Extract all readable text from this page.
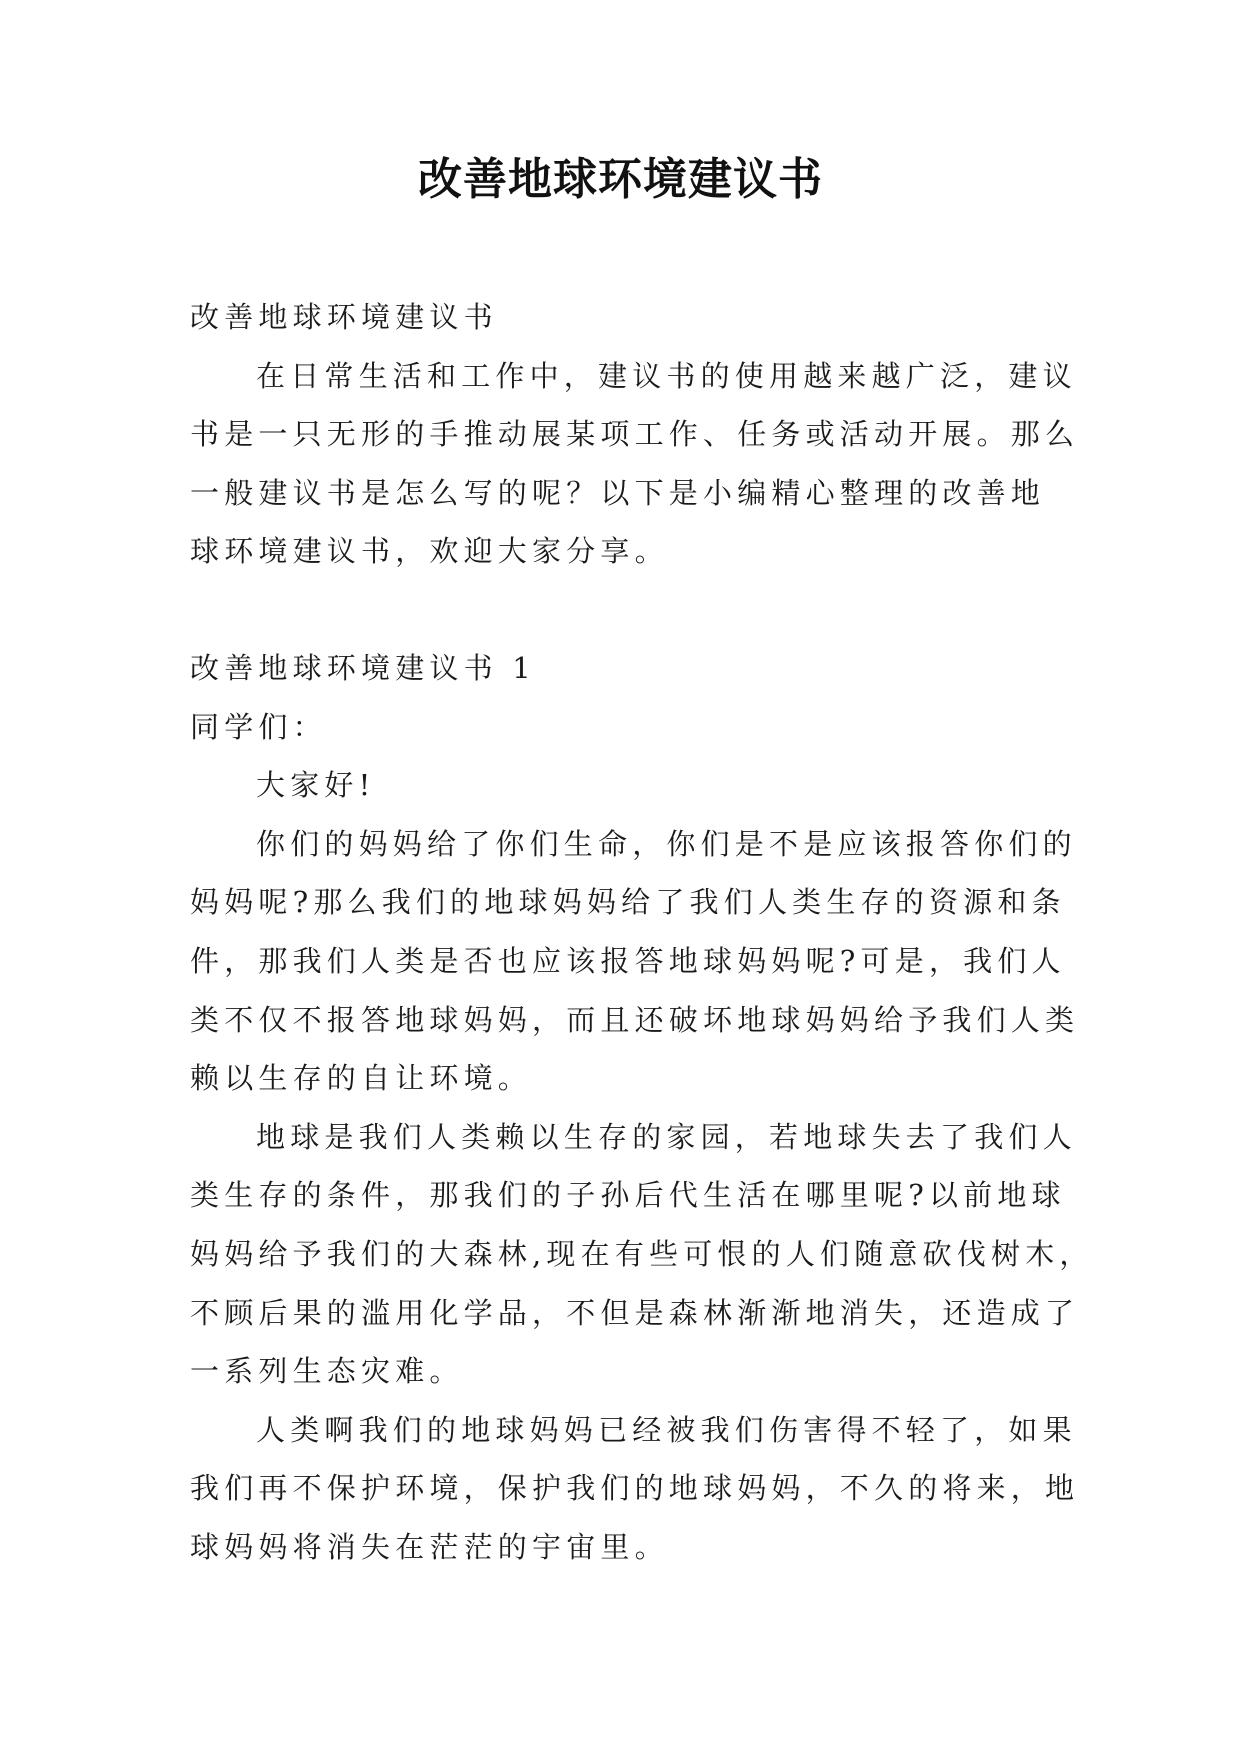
改善地球环境建议书

改善地球环境建议书

在日常生活和工作中，建议书的使用越来越广泛，建议

书是一只无形的手推动展某项工作、任务或活动开展。那么

一般建议书是怎么写的呢？以下是小编精心整理的改善地

球环境建议书，欢迎大家分享。

改善地球环境建议书 1

同学们：

大家好!

你们的妈妈给了你们生命，你们是不是应该报答你们的

妈妈呢?那么我们的地球妈妈给了我们人类生存的资源和条

件，那我们人类是否也应该报答地球妈妈呢?可是，我们人

类不仅不报答地球妈妈，而且还破坏地球妈妈给予我们人类

赖以生存的自让环境。

地球是我们人类赖以生存的家园，若地球失去了我们人

类生存的条件，那我们的子孙后代生活在哪里呢?以前地球

妈妈给予我们的大森林,现在有些可恨的人们随意砍伐树木，

不顾后果的滥用化学品，不但是森林渐渐地消失，还造成了

一系列生态灾难。

人类啊我们的地球妈妈已经被我们伤害得不轻了，如果

我们再不保护环境，保护我们的地球妈妈，不久的将来，地

球妈妈将消失在茫茫的宇宙里。
